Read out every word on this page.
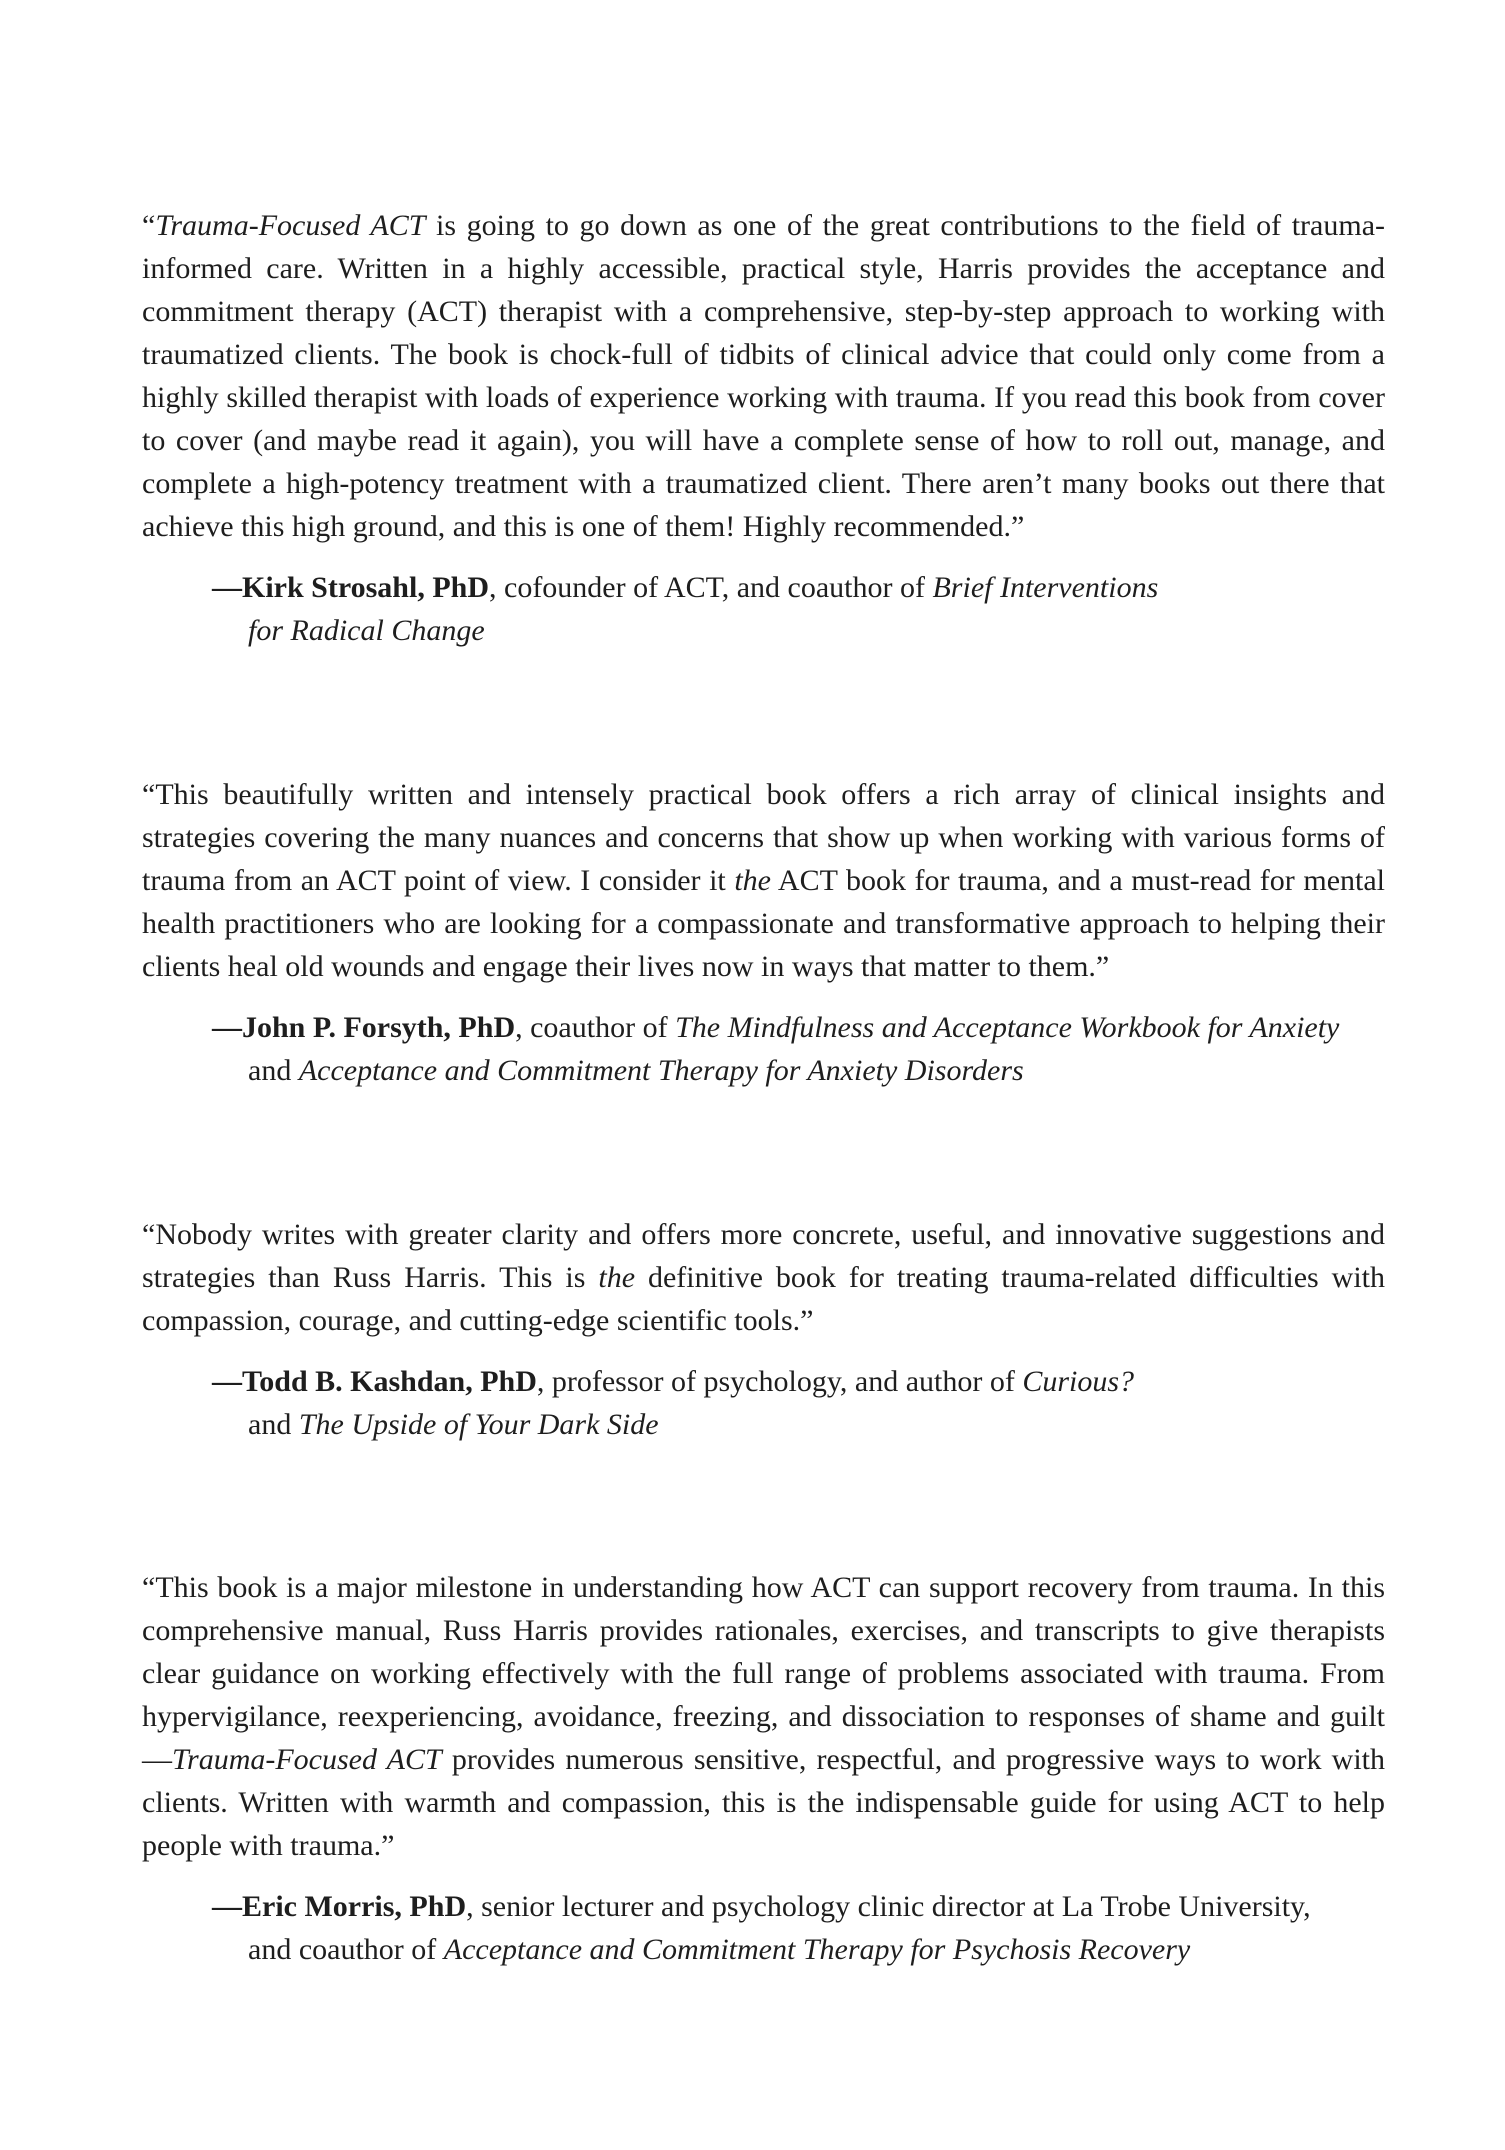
“Trauma-Focused ACT is going to go down as one of the great contributions to the field of trauma-informed care. Written in a highly accessible, practical style, Harris provides the acceptance and commitment therapy (ACT) therapist with a comprehensive, step-by-step approach to working with traumatized clients. The book is chock-full of tidbits of clinical advice that could only come from a highly skilled therapist with loads of experience working with trauma. If you read this book from cover to cover (and maybe read it again), you will have a complete sense of how to roll out, manage, and complete a high-potency treatment with a traumatized client. There aren’t many books out there that achieve this high ground, and this is one of them! Highly recommended.”

—Kirk Strosahl, PhD, cofounder of ACT, and coauthor of Brief Interventions
for Radical Change

“This beautifully written and intensely practical book offers a rich array of clinical insights and strategies covering the many nuances and concerns that show up when working with various forms of trauma from an ACT point of view. I consider it the ACT book for trauma, and a must-read for mental health practitioners who are looking for a compassionate and transformative approach to helping their clients heal old wounds and engage their lives now in ways that matter to them.”

—John P. Forsyth, PhD, coauthor of The Mindfulness and Acceptance Workbook for Anxiety
and Acceptance and Commitment Therapy for Anxiety Disorders

“Nobody writes with greater clarity and offers more concrete, useful, and innovative suggestions and strategies than Russ Harris. This is the definitive book for treating trauma-related difficulties with compassion, courage, and cutting-edge scientific tools.”

—Todd B. Kashdan, PhD, professor of psychology, and author of Curious?
and The Upside of Your Dark Side

“This book is a major milestone in understanding how ACT can support recovery from trauma. In this comprehensive manual, Russ Harris provides rationales, exercises, and transcripts to give therapists clear guidance on working effectively with the full range of problems associated with trauma. From hypervigilance, reexperiencing, avoidance, freezing, and dissociation to responses of shame and guilt—Trauma-Focused ACT provides numerous sensitive, respectful, and progressive ways to work with clients. Written with warmth and compassion, this is the indispensable guide for using ACT to help people with trauma.”

—Eric Morris, PhD, senior lecturer and psychology clinic director at La Trobe University,
and coauthor of Acceptance and Commitment Therapy for Psychosis Recovery
